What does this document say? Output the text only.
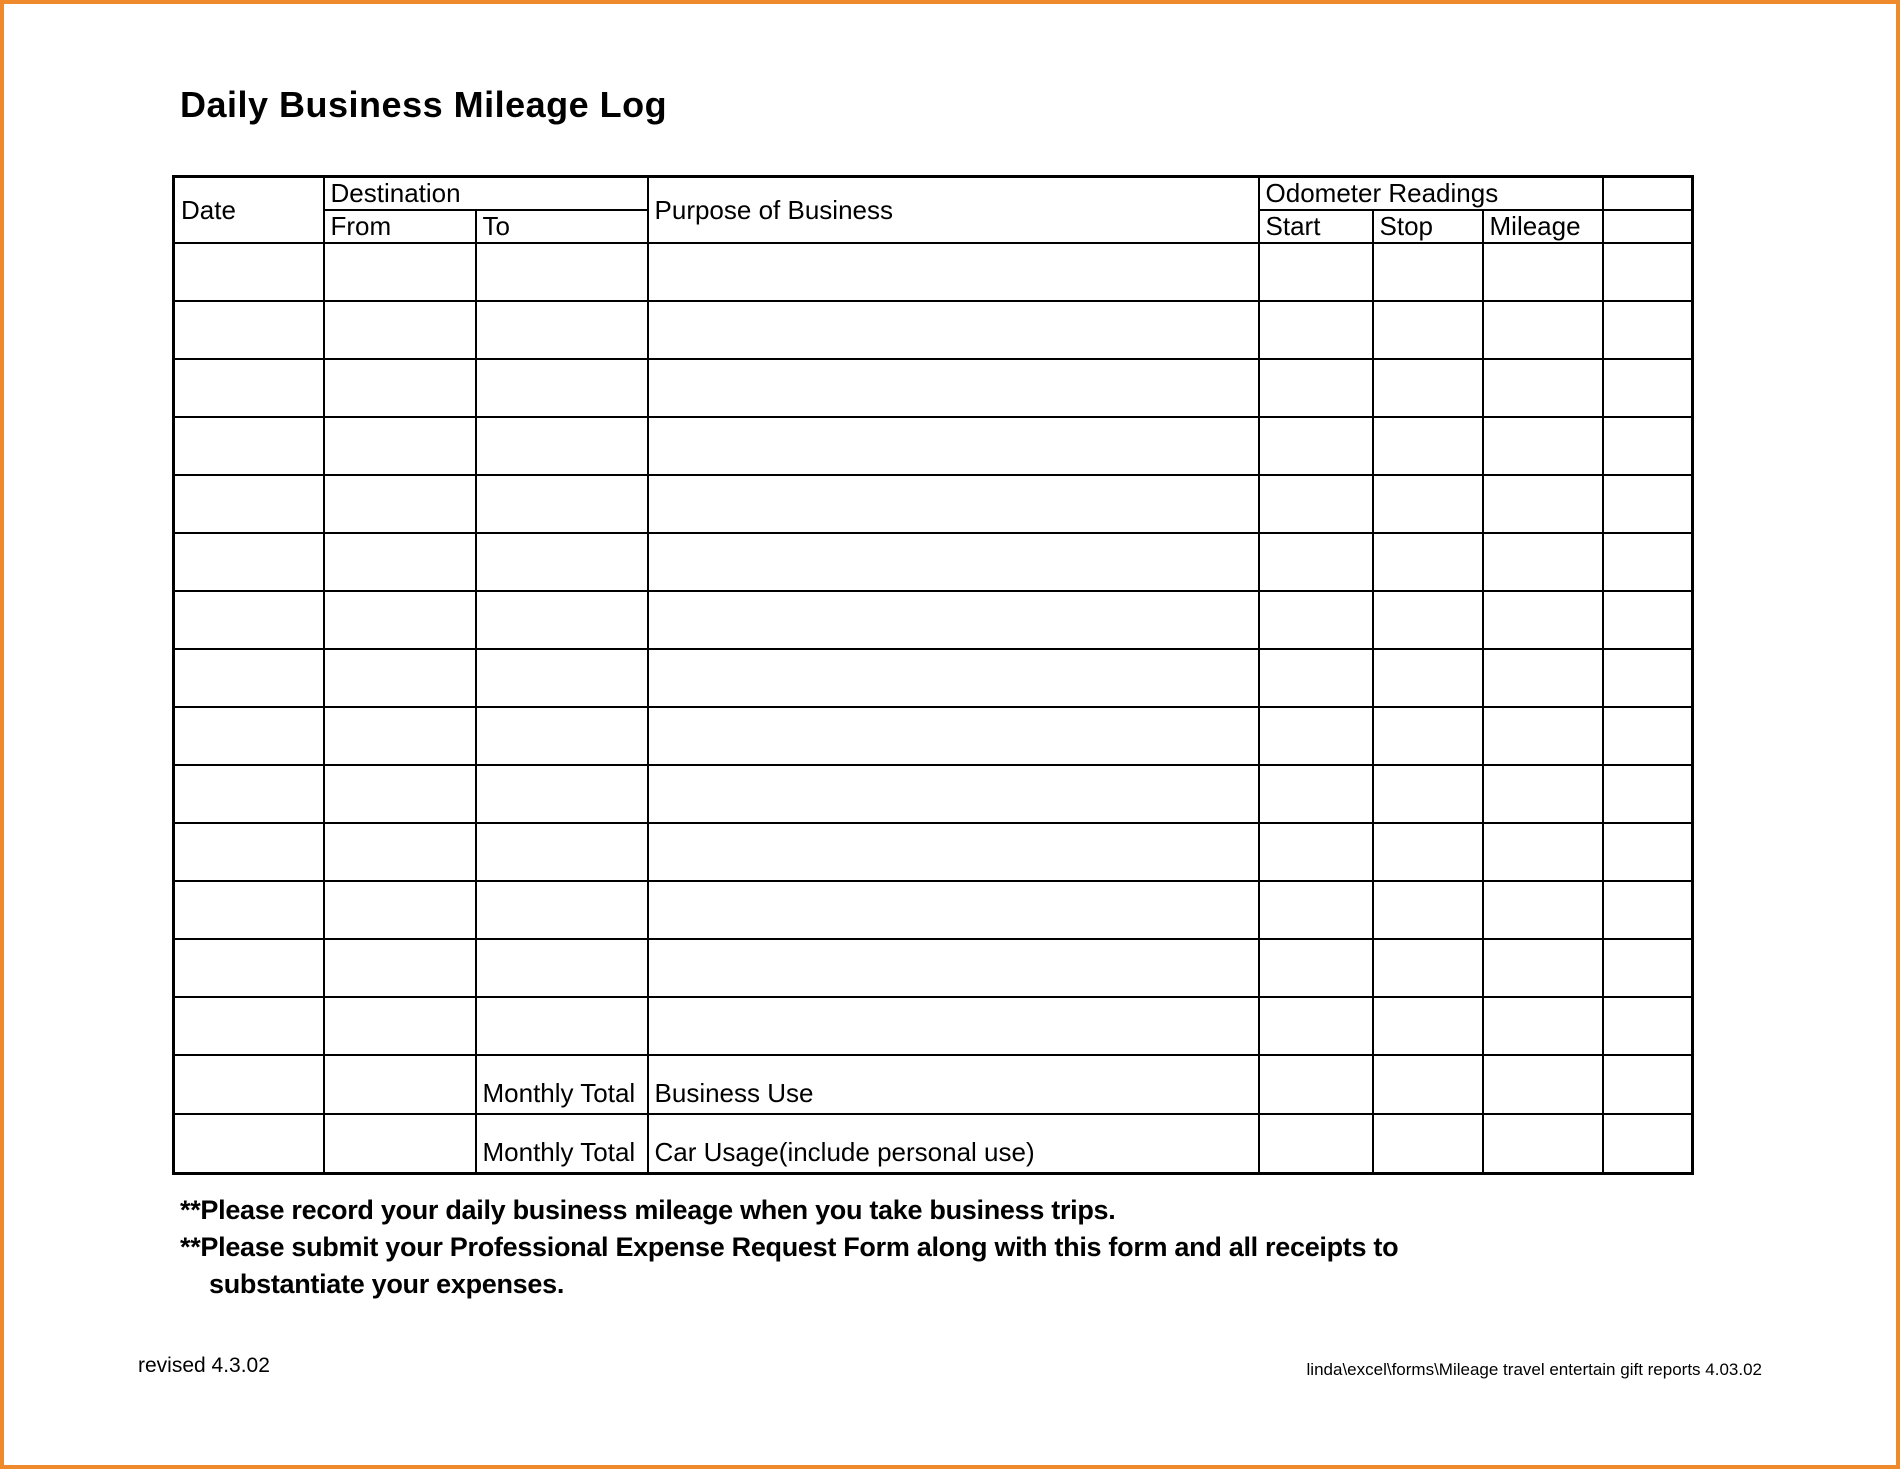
Daily Business Mileage Log
Date	Destination		Purpose of Business	Odometer Readings			
	From	To		Start	Stop	Mileage	

		Monthly Total	Business Use				
		Monthly Total	Car Usage(include personal use)				
**Please record your daily business mileage when you take business trips.
**Please submit your Professional Expense Request Form along with this form and all receipts to
substantiate your expenses.
revised 4.3.02	linda\excel\forms\Mileage travel entertain gift reports 4.03.02
